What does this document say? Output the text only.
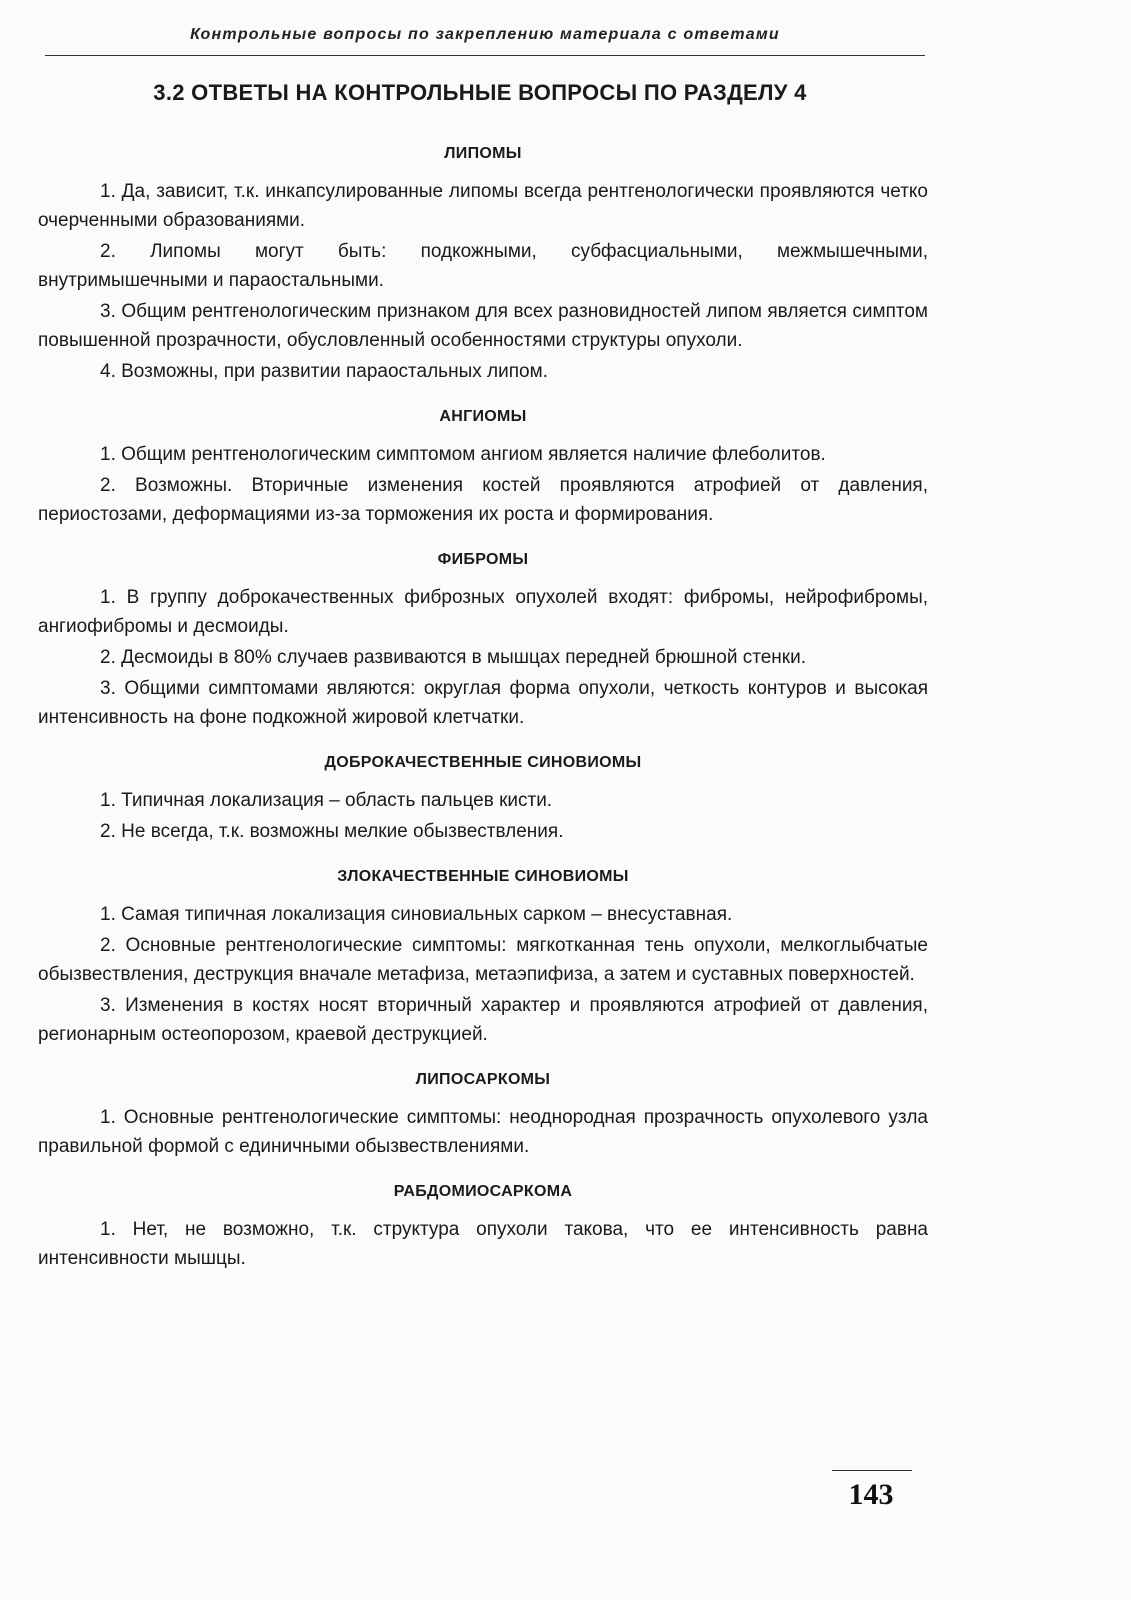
Контрольные вопросы по закреплению материала с ответами
3.2 ОТВЕТЫ НА КОНТРОЛЬНЫЕ ВОПРОСЫ ПО РАЗДЕЛУ 4
ЛИПОМЫ

1. Да, зависит, т.к. инкапсулированные липомы всегда рентгенологически проявляются четко очерченными образованиями.

2. Липомы могут быть: подкожными, субфасциальными, межмышечными, внутримышечными и параостальными.

3. Общим рентгенологическим признаком для всех разновидностей липом является симптом повышенной прозрачности, обусловленный особенностями структуры опухоли.

4. Возможны, при развитии параостальных липом.

АНГИОМЫ

1. Общим рентгенологическим симптомом ангиом является наличие флеболитов.

2. Возможны. Вторичные изменения костей проявляются атрофией от давления, периостозами, деформациями из-за торможения их роста и формирования.

ФИБРОМЫ

1. В группу доброкачественных фиброзных опухолей входят: фибромы, нейрофибромы, ангиофибромы и десмоиды.

2. Десмоиды в 80% случаев развиваются в мышцах передней брюшной стенки.

3. Общими симптомами являются: округлая форма опухоли, четкость контуров и высокая интенсивность на фоне подкожной жировой клетчатки.

ДОБРОКАЧЕСТВЕННЫЕ СИНОВИОМЫ

1. Типичная локализация – область пальцев кисти.

2. Не всегда, т.к. возможны мелкие обызвествления.

ЗЛОКАЧЕСТВЕННЫЕ СИНОВИОМЫ

1. Самая типичная локализация синовиальных сарком – внесуставная.

2. Основные рентгенологические симптомы: мягкотканная тень опухоли, мелкоглыбчатые обызвествления, деструкция вначале метафиза, метаэпифиза, а затем и суставных поверхностей.

3. Изменения в костях носят вторичный характер и проявляются атрофией от давления, регионарным остеопорозом, краевой деструкцией.

ЛИПОСАРКОМЫ

1. Основные рентгенологические симптомы: неоднородная прозрачность опухолевого узла правильной формой с единичными обызвествлениями.

РАБДОМИОСАРКОМА

1. Нет, не возможно, т.к. структура опухоли такова, что ее интенсивность равна интенсивности мышцы.

143
